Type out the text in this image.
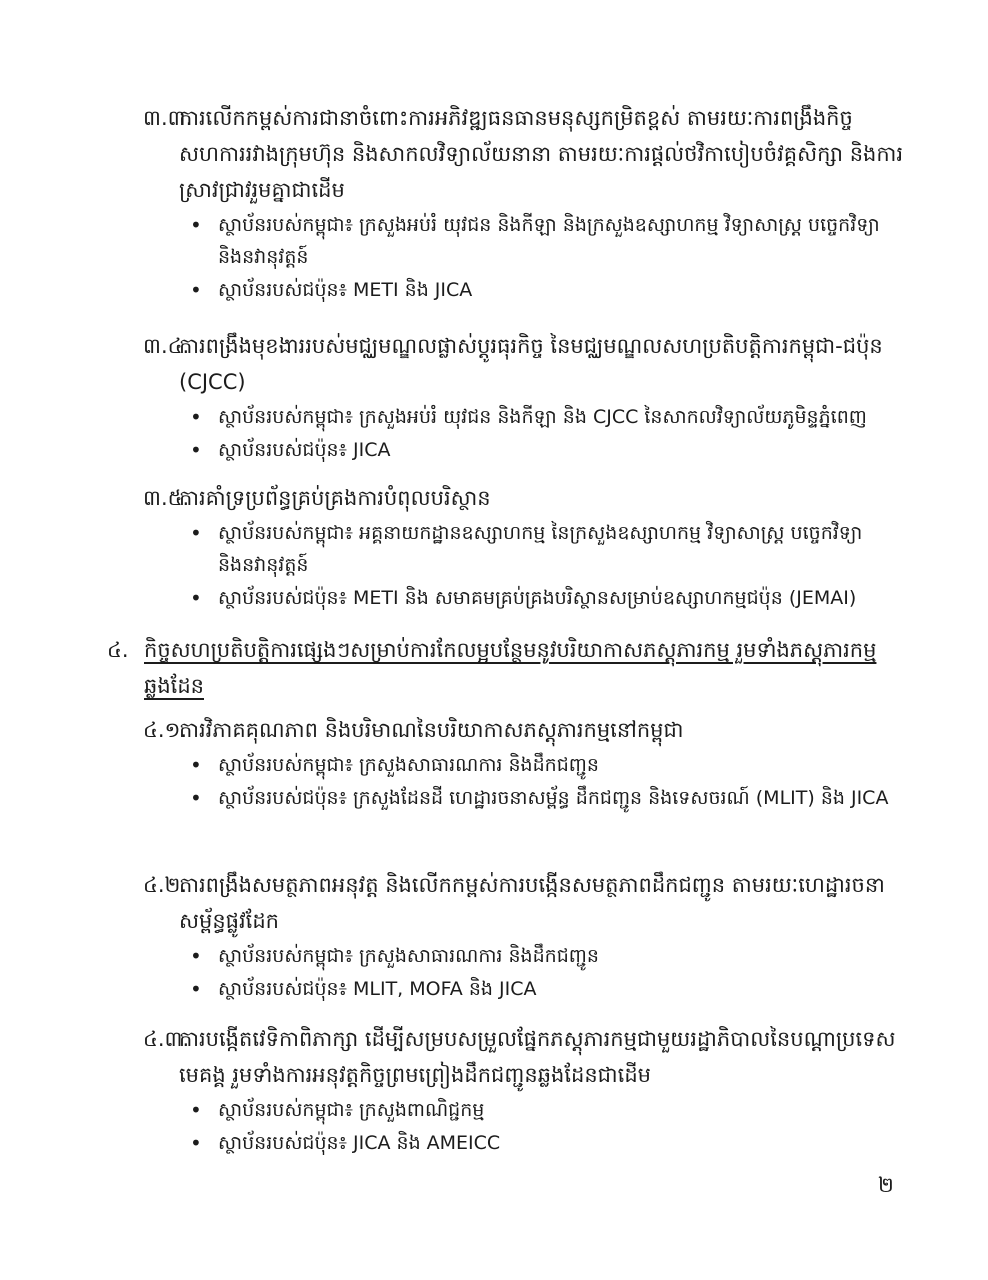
៣.៣.
ការលើកកម្ពស់ការជានាចំពោះការអភិវឌ្ឍធនធានមនុស្សកម្រិតខ្ពស់ តាមរយៈការពង្រឹងកិច្ចសហការរវាងក្រុមហ៊ុន និងសាកលវិទ្យាល័យនានា តាមរយៈការផ្តល់ថវិកាបៀបចំវគ្គសិក្សា និងការស្រាវជ្រាវរួមគ្នាជាដើម
• ស្ថាប័នរបស់កម្ពុជា៖ ក្រសួងអប់រំ យុវជន និងកីឡា និងក្រសួងឧស្សាហកម្ម វិទ្យាសាស្ត្រ បច្ចេកវិទ្យា និងនវានុវត្តន៍
• ស្ថាប័នរបស់ជប៉ុន៖ METI និង JICA
៣.៤.
ការពង្រឹងមុខងាររបស់មជ្ឈមណ្ឌលផ្លាស់ប្តូរធុរកិច្ច នៃមជ្ឈមណ្ឌលសហប្រតិបត្តិការកម្ពុជា-ជប៉ុន (CJCC)
• ស្ថាប័នរបស់កម្ពុជា៖ ក្រសួងអប់រំ យុវជន និងកីឡា និង CJCC នៃសាកលវិទ្យាល័យភូមិន្ទភ្នំពេញ
• ស្ថាប័នរបស់ជប៉ុន៖ JICA
៣.៥.
ការគាំទ្រប្រព័ន្ធគ្រប់គ្រងការបំពុលបរិស្ថាន
• ស្ថាប័នរបស់កម្ពុជា៖ អគ្គនាយកដ្ឋានឧស្សាហកម្ម នៃក្រសួងឧស្សាហកម្ម វិទ្យាសាស្ត្រ បច្ចេកវិទ្យា និងនវានុវត្តន៍
• ស្ថាប័នរបស់ជប៉ុន៖ METI និង សមាគមគ្រប់គ្រងបរិស្ថានសម្រាប់ឧស្សាហកម្មជប៉ុន (JEMAI)
៤. កិច្ចសហប្រតិបត្តិការផ្សេងៗសម្រាប់ការកែលម្អបន្ថែមនូវបរិយាកាសភស្តុភារកម្ម រួមទាំងភស្តុភារកម្មឆ្លងដែន
៤.១.
ការវិភាគគុណភាព និងបរិមាណនៃបរិយាកាសភស្តុភារកម្មនៅកម្ពុជា
• ស្ថាប័នរបស់កម្ពុជា៖ ក្រសួងសាធារណការ និងដឹកជញ្ជូន
• ស្ថាប័នរបស់ជប៉ុន៖ ក្រសួងដែនដី ហេដ្ឋារចនាសម្ព័ន្ធ ដឹកជញ្ជូន និងទេសចរណ៍ (MLIT) និង JICA
៤.២.
ការពង្រឹងសមត្ថភាពអនុវត្ត និងលើកកម្ពស់ការបង្កើនសមត្ថភាពដឹកជញ្ជូន តាមរយៈហេដ្ឋារចនាសម្ព័ន្ធផ្លូវដែក
• ស្ថាប័នរបស់កម្ពុជា៖ ក្រសួងសាធារណការ និងដឹកជញ្ជូន
• ស្ថាប័នរបស់ជប៉ុន៖ MLIT, MOFA និង JICA
៤.៣.
ការបង្កើតវេទិកាពិភាក្សា ដើម្បីសម្របសម្រួលផ្នែកភស្តុភារកម្មជាមួយរដ្ឋាភិបាលនៃបណ្តាប្រទេសមេគង្គ រួមទាំងការអនុវត្តកិច្ចព្រមព្រៀងដឹកជញ្ជូនឆ្លងដែនជាដើម
• ស្ថាប័នរបស់កម្ពុជា៖ ក្រសួងពាណិជ្ជកម្ម
• ស្ថាប័នរបស់ជប៉ុន៖ JICA និង AMEICC
២
